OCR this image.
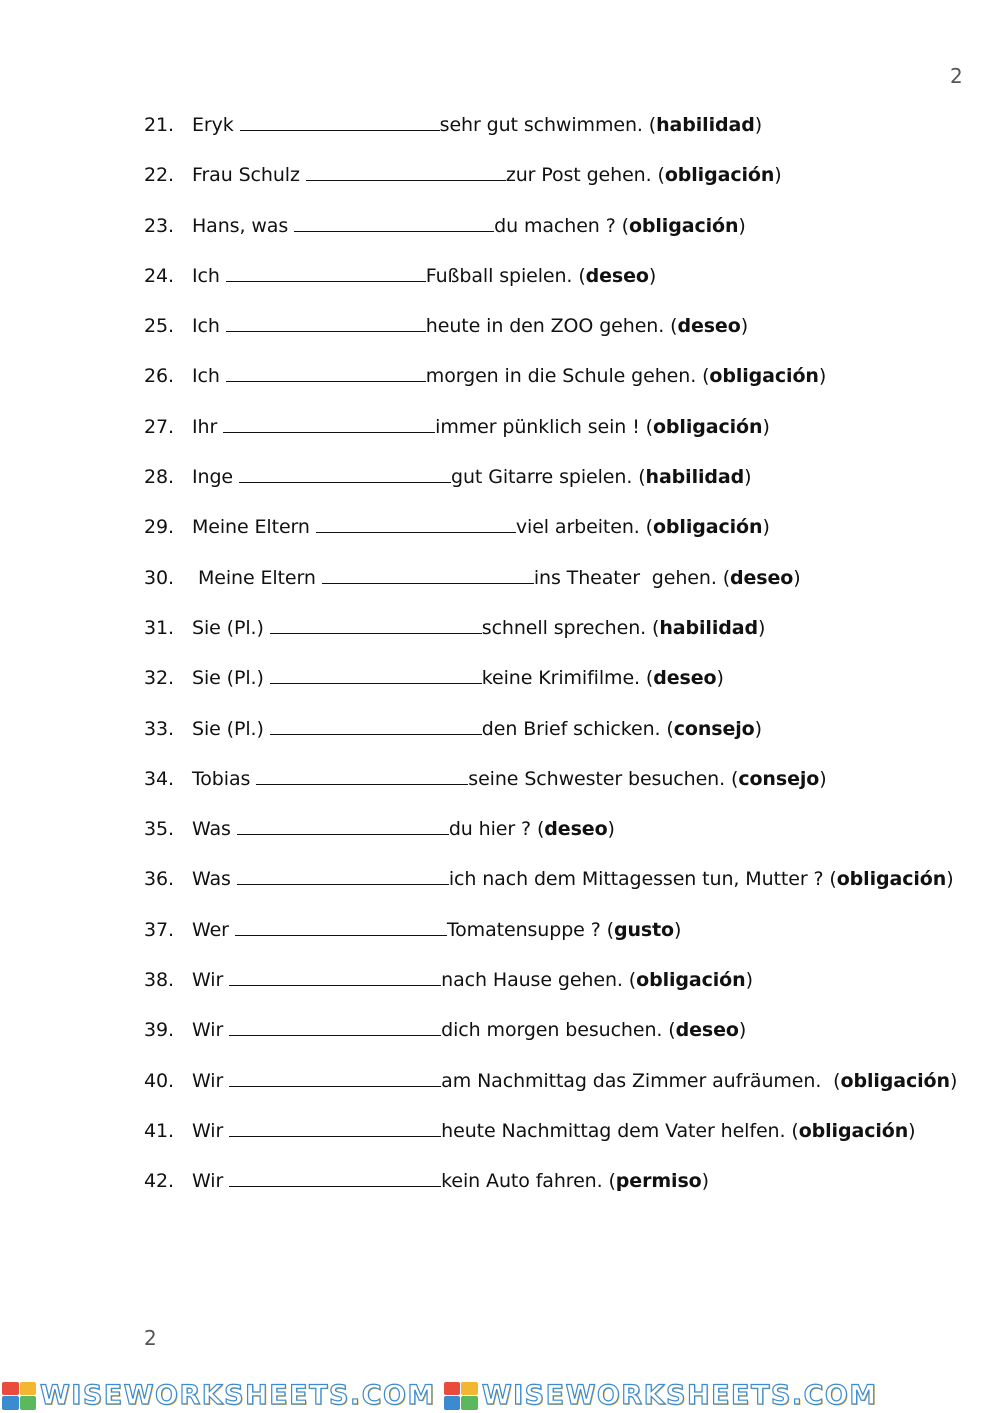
2
21. Eryk	sehr gut schwimmen. (habilidad)
22. Frau Schulz	zur Post gehen. (obligación)
23. Hans, was	du machen ? (obligación)
24. Ich	Fußball spielen. (deseo)
25. Ich	heute in den ZOO gehen. (deseo)
26. Ich	morgen in die Schule gehen. (obligación)
27. Ihr	immer pünklich sein ! (obligación)
28. Inge	gut Gitarre spielen. (habilidad)
29. Meine Eltern	viel arbeiten. (obligación)
30. Meine Eltern	ins Theater  gehen. (deseo)
31. Sie (Pl.)	schnell sprechen. (habilidad)
32. Sie (Pl.)	keine Krimifilme. (deseo)
33. Sie (Pl.)	den Brief schicken. (consejo)
34. Tobias	seine Schwester besuchen. (consejo)
35. Was	du hier ? (deseo)
36. Was	ich nach dem Mittagessen tun, Mutter ? (obligación)
37. Wer	Tomatensuppe ? (gusto)
38. Wir	nach Hause gehen. (obligación)
39. Wir	dich morgen besuchen. (deseo)
40. Wir	am Nachmittag das Zimmer aufräumen.  (obligación)
41. Wir	heute Nachmittag dem Vater helfen. (obligación)
42. Wir	kein Auto fahren. (permiso)
2
WISEWORKSHEETS.COM WISEWORKSHEETS.COM
